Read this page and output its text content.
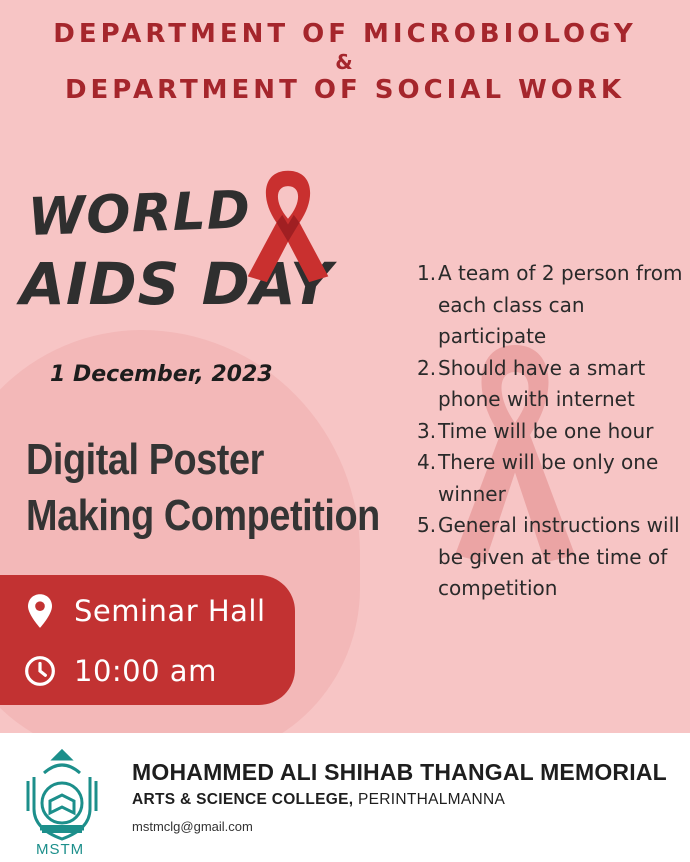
DEPARTMENT OF MICROBIOLOGY
&
DEPARTMENT OF SOCIAL WORK
WORLD
AIDS DAY
1 December, 2023
Digital Poster
Making Competition
Seminar Hall
10:00 am
1. A team of 2 person from each class can participate
2. Should have a smart phone with internet
3. Time will be one hour
4. There will be only one winner
5. General instructions will be given at the time of competition
MSTM
MOHAMMED ALI SHIHAB THANGAL MEMORIAL
ARTS & SCIENCE COLLEGE, PERINTHALMANNA
mstmclg@gmail.com
